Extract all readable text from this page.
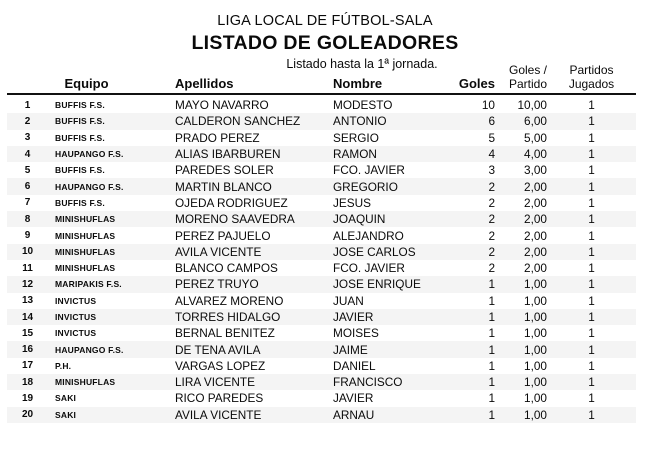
LIGA LOCAL DE FÚTBOL-SALA
LISTADO DE GOLEADORES
Listado hasta la 1ª jornada.
Equipo	Apellidos	Nombre	Goles
Goles /
Partido
Partidos
Jugados
1	BUFFIS F.S.	MAYO NAVARRO	MODESTO	10	10,00	1
2	BUFFIS F.S.	CALDERON SANCHEZ	ANTONIO	6	6,00	1
3	BUFFIS F.S.	PRADO PEREZ	SERGIO	5	5,00	1
4	HAUPANGO F.S.	ALIAS IBARBUREN	RAMON	4	4,00	1
5	BUFFIS F.S.	PAREDES SOLER	FCO. JAVIER	3	3,00	1
6	HAUPANGO F.S.	MARTIN BLANCO	GREGORIO	2	2,00	1
7	BUFFIS F.S.	OJEDA RODRIGUEZ	JESUS	2	2,00	1
8	MINISHUFLAS	MORENO SAAVEDRA	JOAQUIN	2	2,00	1
9	MINISHUFLAS	PEREZ PAJUELO	ALEJANDRO	2	2,00	1
10	MINISHUFLAS	AVILA VICENTE	JOSE CARLOS	2	2,00	1
11	MINISHUFLAS	BLANCO CAMPOS	FCO. JAVIER	2	2,00	1
12	MARIPAKIS F.S.	PEREZ TRUYO	JOSE ENRIQUE	1	1,00	1
13	INVICTUS	ALVAREZ MORENO	JUAN	1	1,00	1
14	INVICTUS	TORRES HIDALGO	JAVIER	1	1,00	1
15	INVICTUS	BERNAL BENITEZ	MOISES	1	1,00	1
16	HAUPANGO F.S.	DE TENA AVILA	JAIME	1	1,00	1
17	P.H.	VARGAS LOPEZ	DANIEL	1	1,00	1
18	MINISHUFLAS	LIRA VICENTE	FRANCISCO	1	1,00	1
19	SAKI	RICO PAREDES	JAVIER	1	1,00	1
20	SAKI	AVILA VICENTE	ARNAU	1	1,00	1
